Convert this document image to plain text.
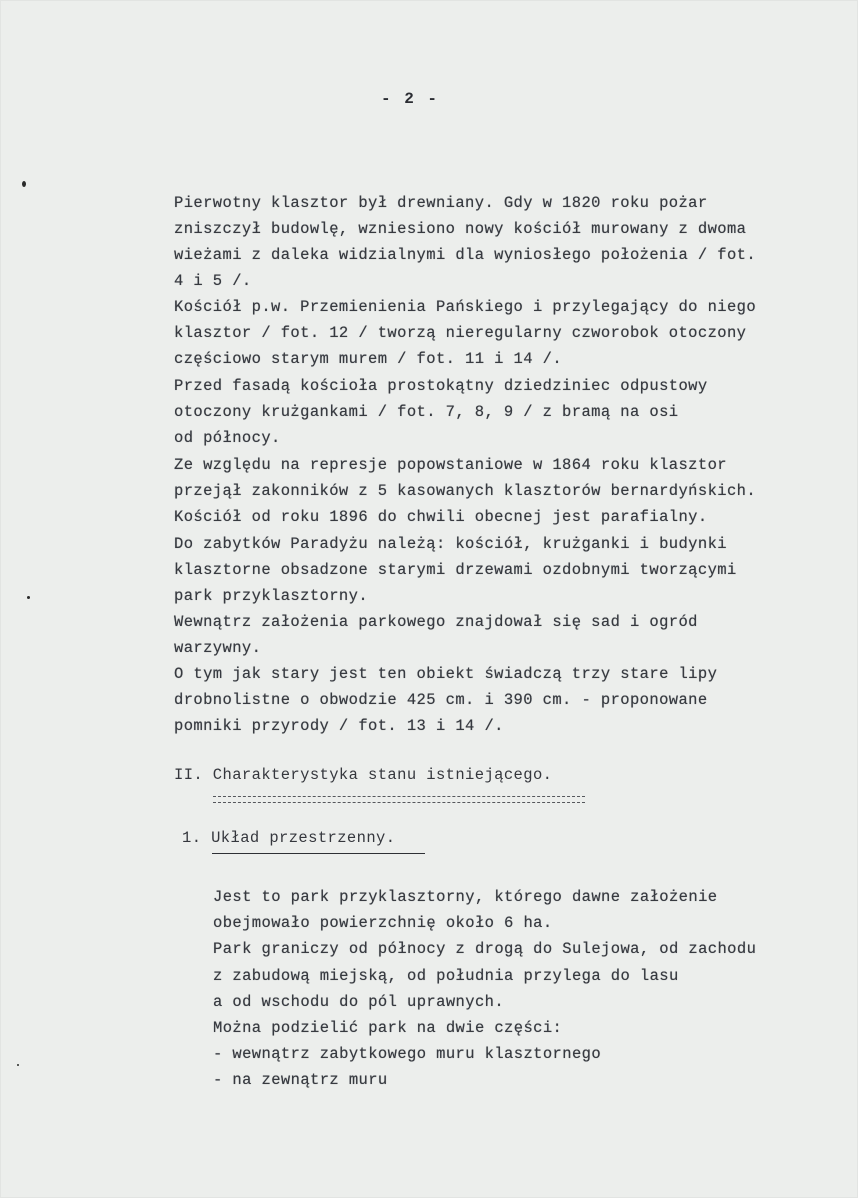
- 2 -
Pierwotny klasztor był drewniany. Gdy w 1820 roku pożar
zniszczył budowlę, wzniesiono nowy kościół murowany z dwoma
wieżami z daleka widzialnymi dla wyniosłego położenia / fot.
4 i 5 /.
Kościół p.w. Przemienienia Pańskiego i przylegający do niego
klasztor / fot. 12 / tworzą nieregularny czworobok otoczony
częściowo starym murem / fot. 11 i 14 /.
Przed fasadą kościoła prostokątny dziedziniec odpustowy
otoczony krużgankami / fot. 7, 8, 9 / z bramą na osi
od północy.
Ze względu na represje popowstaniowe w 1864 roku klasztor
przejął zakonników z 5 kasowanych klasztorów bernardyńskich.
Kościół od roku 1896 do chwili obecnej jest parafialny.
Do zabytków Paradyżu należą: kościół, krużganki i budynki
klasztorne obsadzone starymi drzewami ozdobnymi tworzącymi
park przyklasztorny.
Wewnątrz założenia parkowego znajdował się sad i ogród
warzywny.
O tym jak stary jest ten obiekt świadczą trzy stare lipy
drobnolistne o obwodzie 425 cm. i 390 cm. - proponowane
pomniki przyrody / fot. 13 i 14 /.
II. Charakterystyka stanu istniejącego.
1. Układ przestrzenny.
Jest to park przyklasztorny, którego dawne założenie
obejmowało powierzchnię około 6 ha.
Park graniczy od północy z drogą do Sulejowa, od zachodu
z zabudową miejską, od południa przylega do lasu
a od wschodu do pól uprawnych.
Można podzielić park na dwie części:
- wewnątrz zabytkowego muru klasztornego
- na zewnątrz muru
